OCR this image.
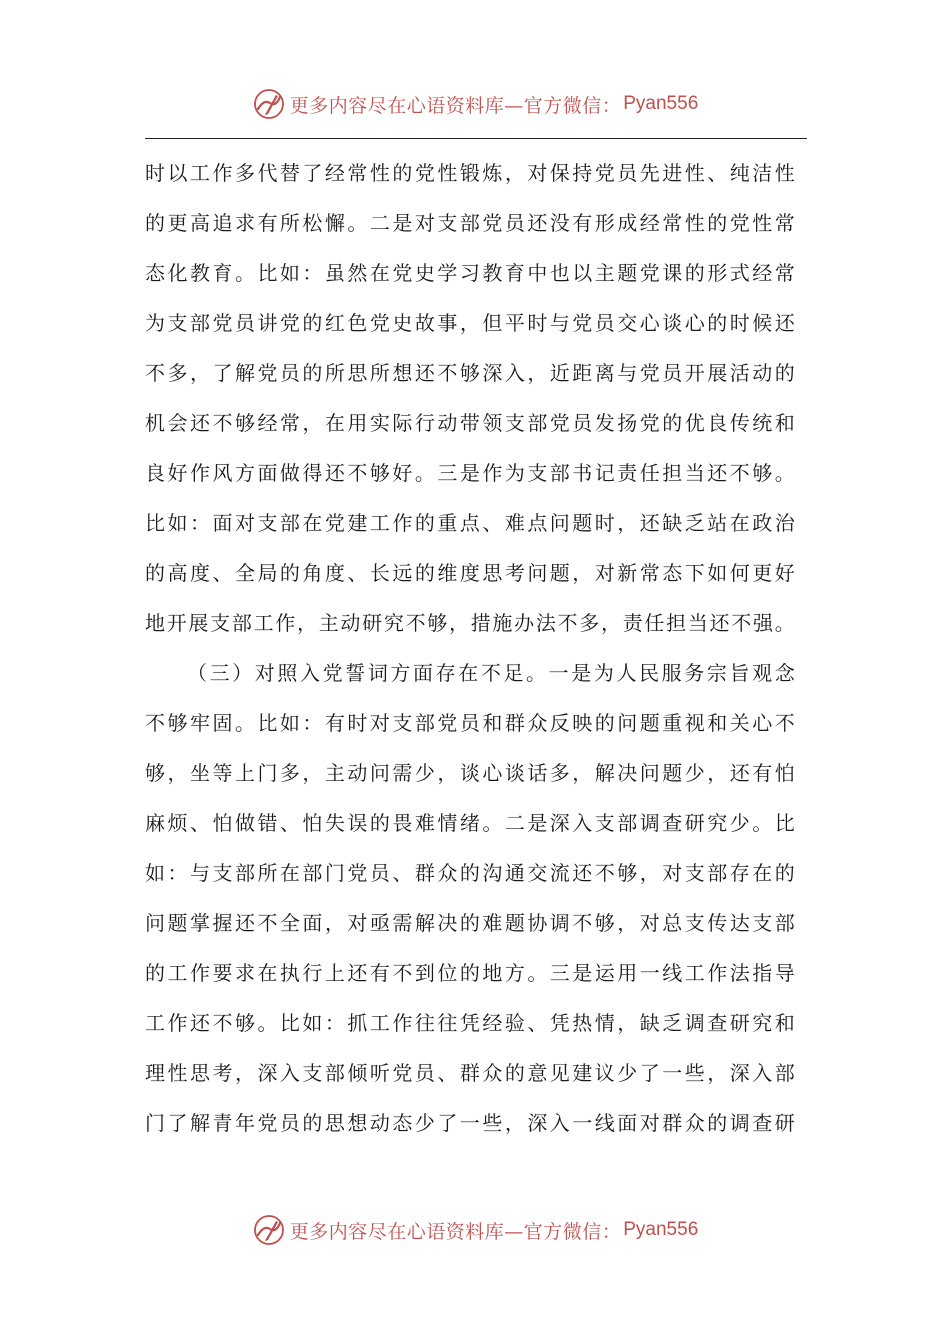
更多内容尽在心语资料库—官方微信： Pyan556
时以工作多代替了经常性的党性锻炼，对保持党员先进性、纯洁性
的更高追求有所松懈。二是对支部党员还没有形成经常性的党性常
态化教育。比如：虽然在党史学习教育中也以主题党课的形式经常
为支部党员讲党的红色党史故事，但平时与党员交心谈心的时候还
不多，了解党员的所思所想还不够深入，近距离与党员开展活动的
机会还不够经常，在用实际行动带领支部党员发扬党的优良传统和
良好作风方面做得还不够好。三是作为支部书记责任担当还不够。
比如：面对支部在党建工作的重点、难点问题时，还缺乏站在政治
的高度、全局的角度、长远的维度思考问题，对新常态下如何更好
地开展支部工作，主动研究不够，措施办法不多，责任担当还不强。
（三）对照入党誓词方面存在不足。一是为人民服务宗旨观念
不够牢固。比如：有时对支部党员和群众反映的问题重视和关心不
够，坐等上门多，主动问需少，谈心谈话多，解决问题少，还有怕
麻烦、怕做错、怕失误的畏难情绪。二是深入支部调查研究少。比
如：与支部所在部门党员、群众的沟通交流还不够，对支部存在的
问题掌握还不全面，对亟需解决的难题协调不够，对总支传达支部
的工作要求在执行上还有不到位的地方。三是运用一线工作法指导
工作还不够。比如：抓工作往往凭经验、凭热情，缺乏调查研究和
理性思考，深入支部倾听党员、群众的意见建议少了一些，深入部
门了解青年党员的思想动态少了一些，深入一线面对群众的调查研
更多内容尽在心语资料库—官方微信： Pyan556
